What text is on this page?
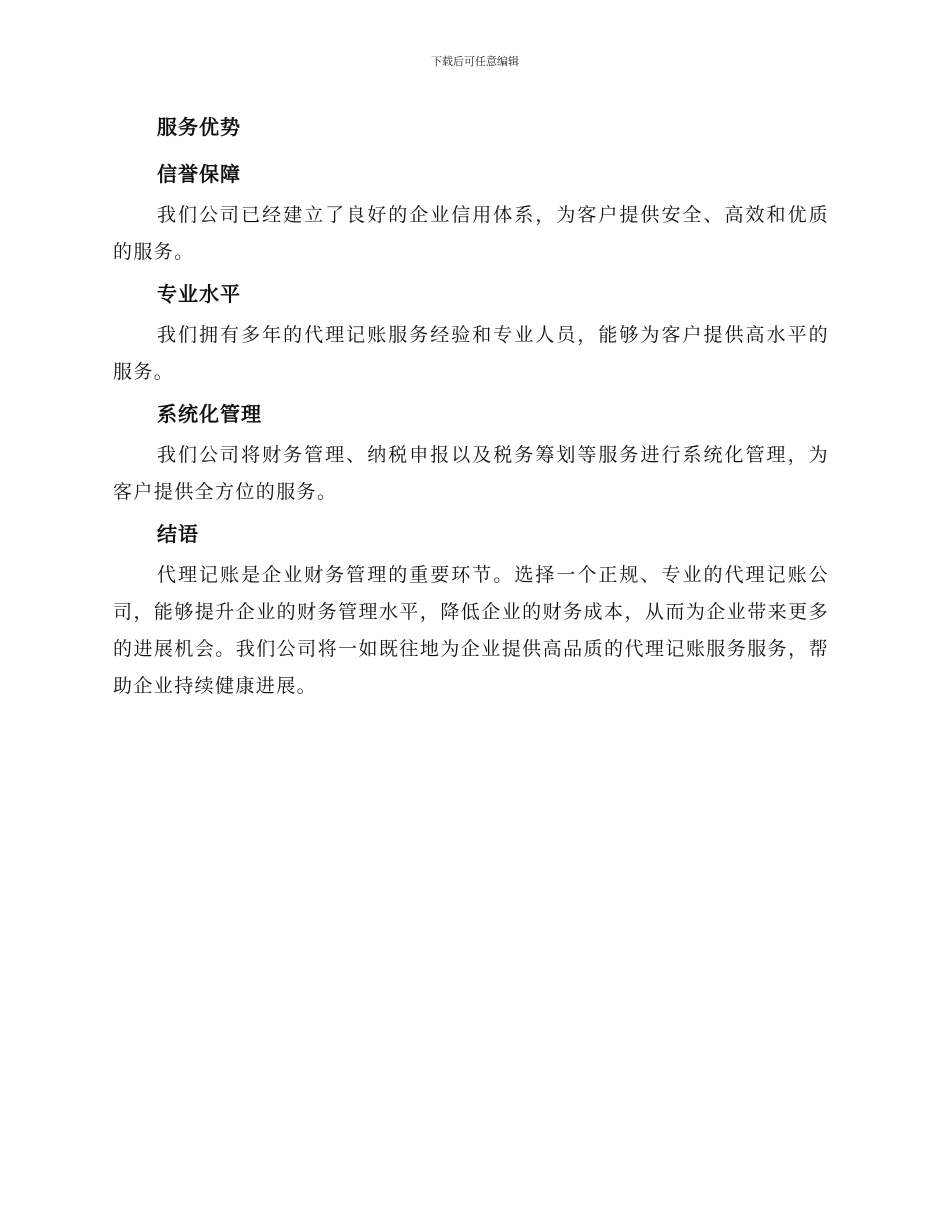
下载后可任意编辑
服务优势
信誉保障

我们公司已经建立了良好的企业信用体系，为客户提供安全、高效和优质的服务。

专业水平

我们拥有多年的代理记账服务经验和专业人员，能够为客户提供高水平的服务。

系统化管理

我们公司将财务管理、纳税申报以及税务筹划等服务进行系统化管理，为客户提供全方位的服务。

结语

代理记账是企业财务管理的重要环节。选择一个正规、专业的代理记账公司，能够提升企业的财务管理水平，降低企业的财务成本，从而为企业带来更多的进展机会。我们公司将一如既往地为企业提供高品质的代理记账服务服务，帮助企业持续健康进展。
